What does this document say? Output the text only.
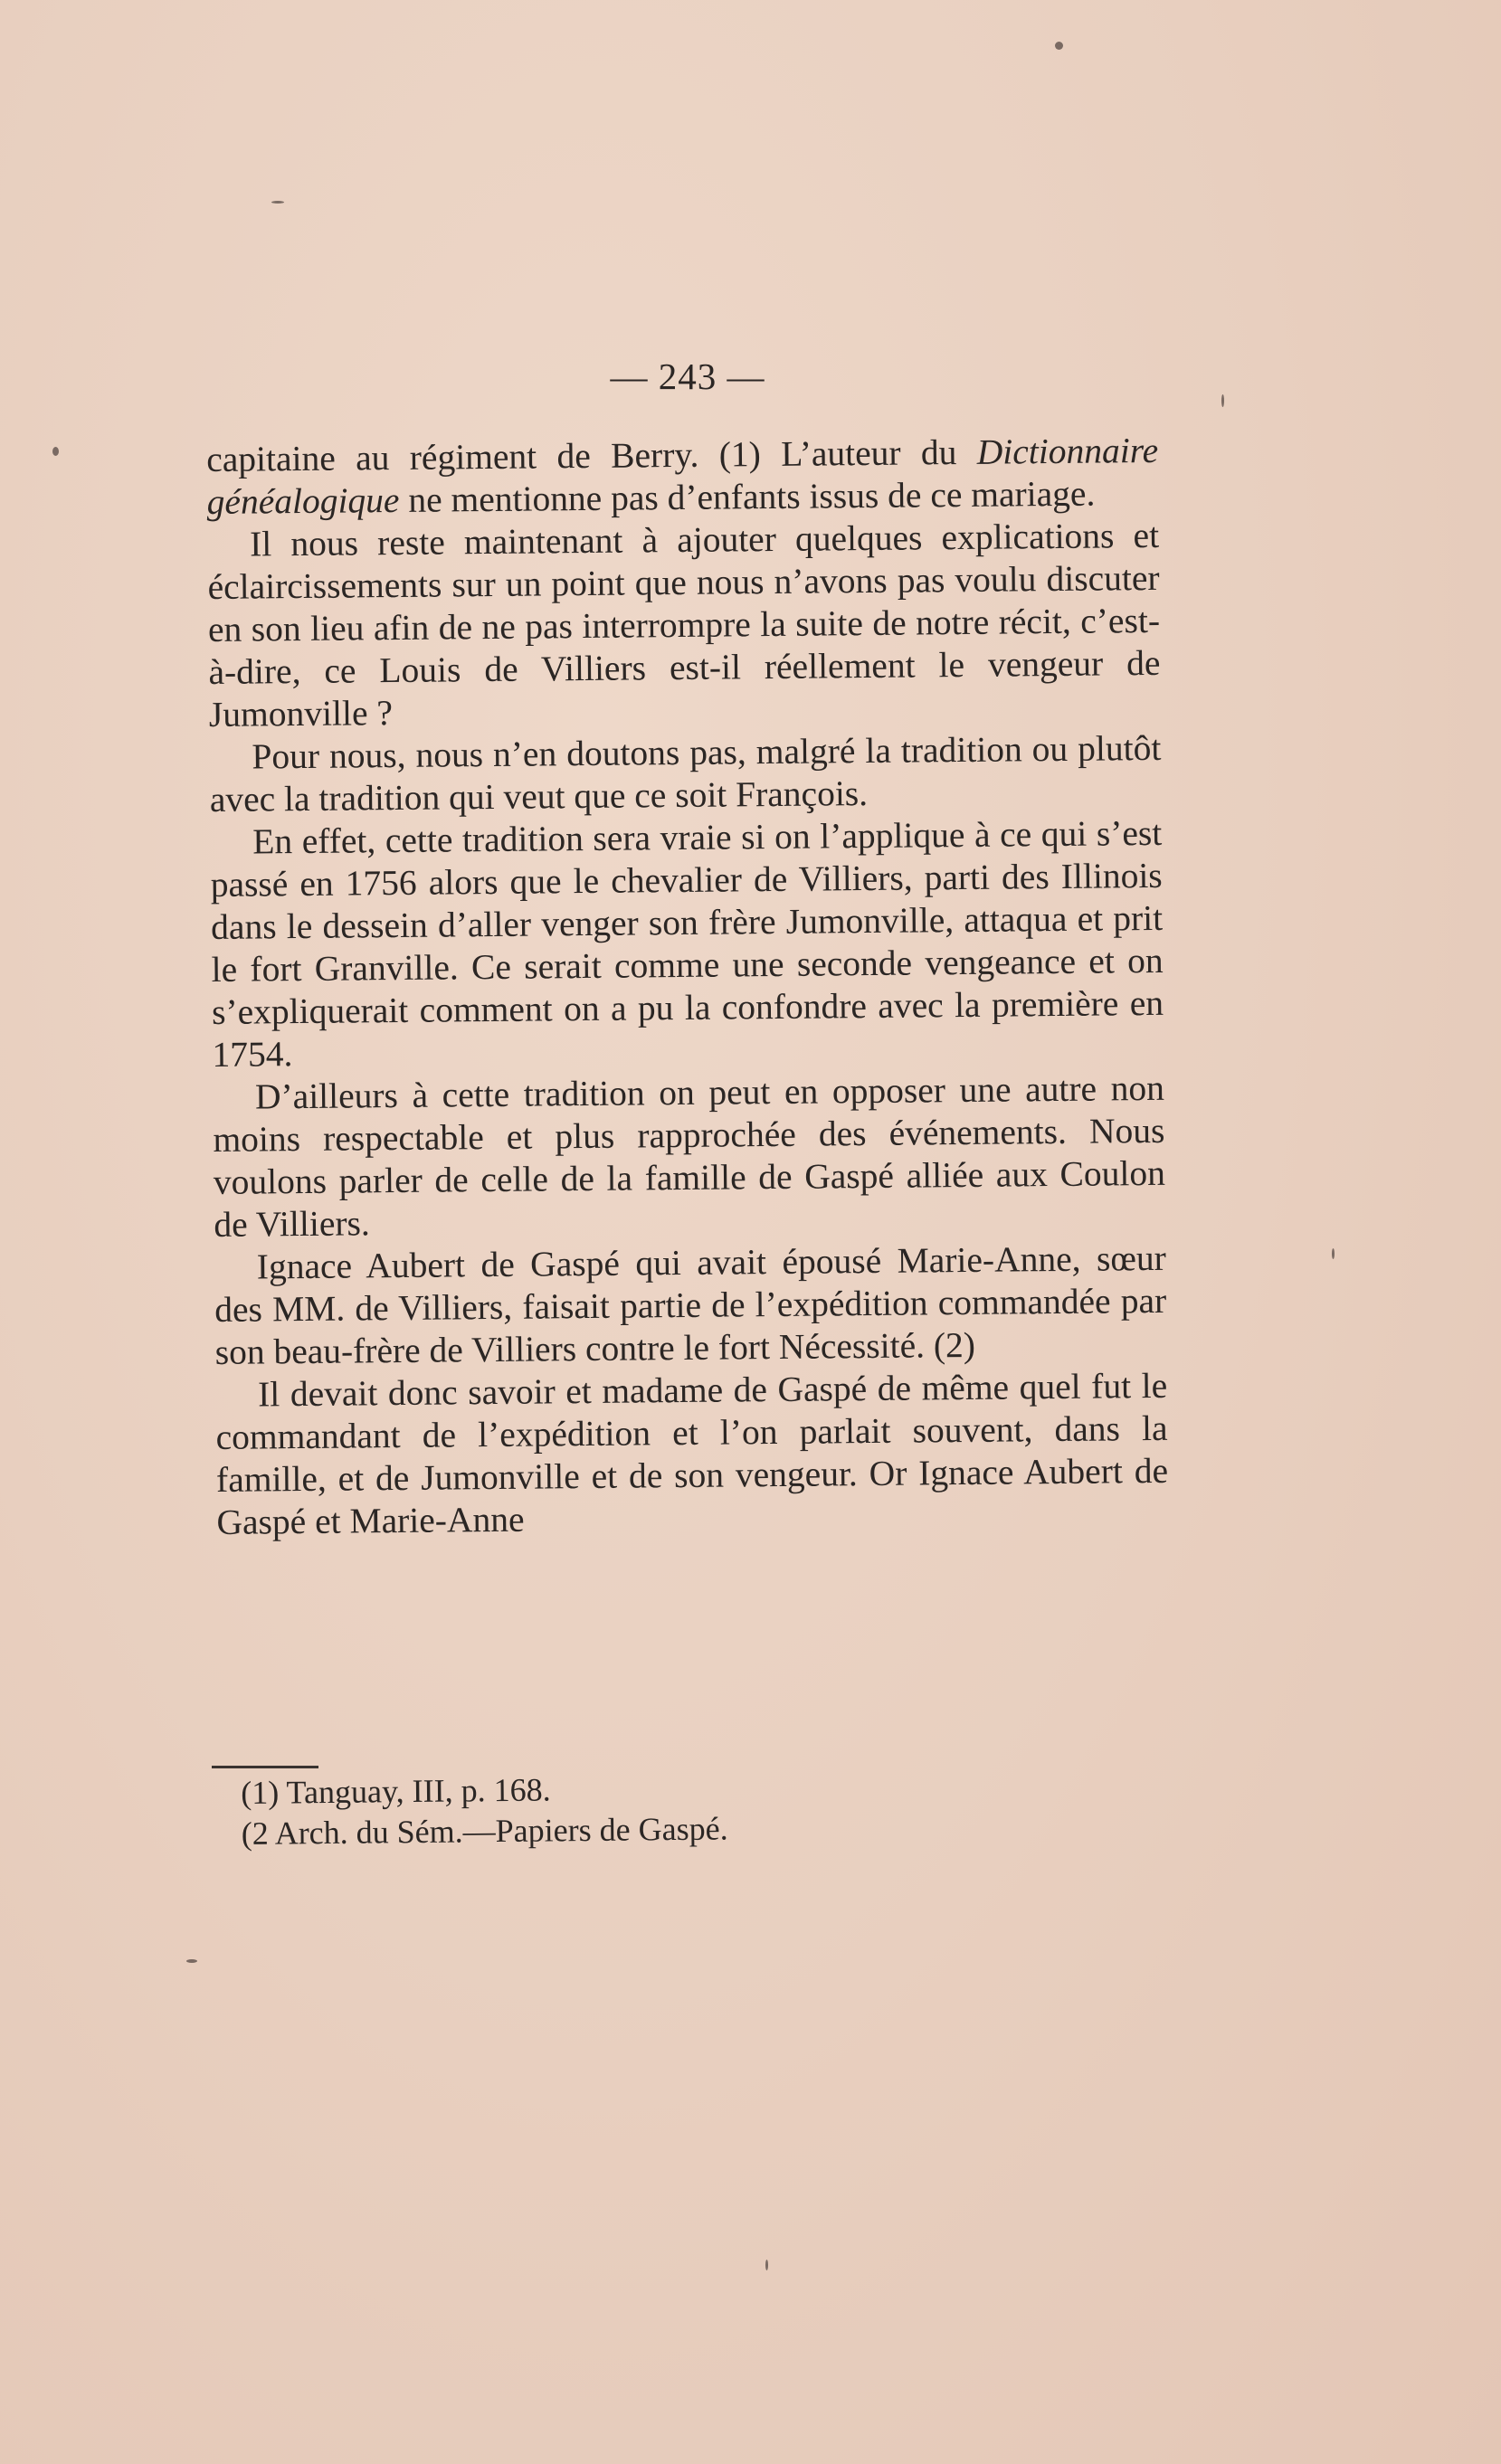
— 243 —

capitaine au régiment de Berry. (1) L’auteur du Dictionnaire généalogique ne mentionne pas d’enfants issus de ce mariage.

Il nous reste maintenant à ajouter quelques explications et éclaircissements sur un point que nous n’avons pas voulu discuter en son lieu afin de ne pas interrompre la suite de notre récit, c’est-à-dire, ce Louis de Villiers est-il réellement le vengeur de Jumonville ?

Pour nous, nous n’en doutons pas, malgré la tradition ou plutôt avec la tradition qui veut que ce soit François.

En effet, cette tradition sera vraie si on l’applique à ce qui s’est passé en 1756 alors que le chevalier de Villiers, parti des Illinois dans le dessein d’aller venger son frère Jumonville, attaqua et prit le fort Granville. Ce serait comme une seconde vengeance et on s’expliquerait comment on a pu la confondre avec la première en 1754.

D’ailleurs à cette tradition on peut en opposer une autre non moins respectable et plus rapprochée des événements. Nous voulons parler de celle de la famille de Gaspé alliée aux Coulon de Villiers.

Ignace Aubert de Gaspé qui avait épousé Marie-Anne, sœur des MM. de Villiers, faisait partie de l’expédition commandée par son beau-frère de Villiers contre le fort Nécessité. (2)

Il devait donc savoir et madame de Gaspé de même quel fut le commandant de l’expédition et l’on parlait souvent, dans la famille, et de Jumonville et de son vengeur. Or Ignace Aubert de Gaspé et Marie-Anne

(1) Tanguay, III, p. 168.

(2 Arch. du Sém.—Papiers de Gaspé.
